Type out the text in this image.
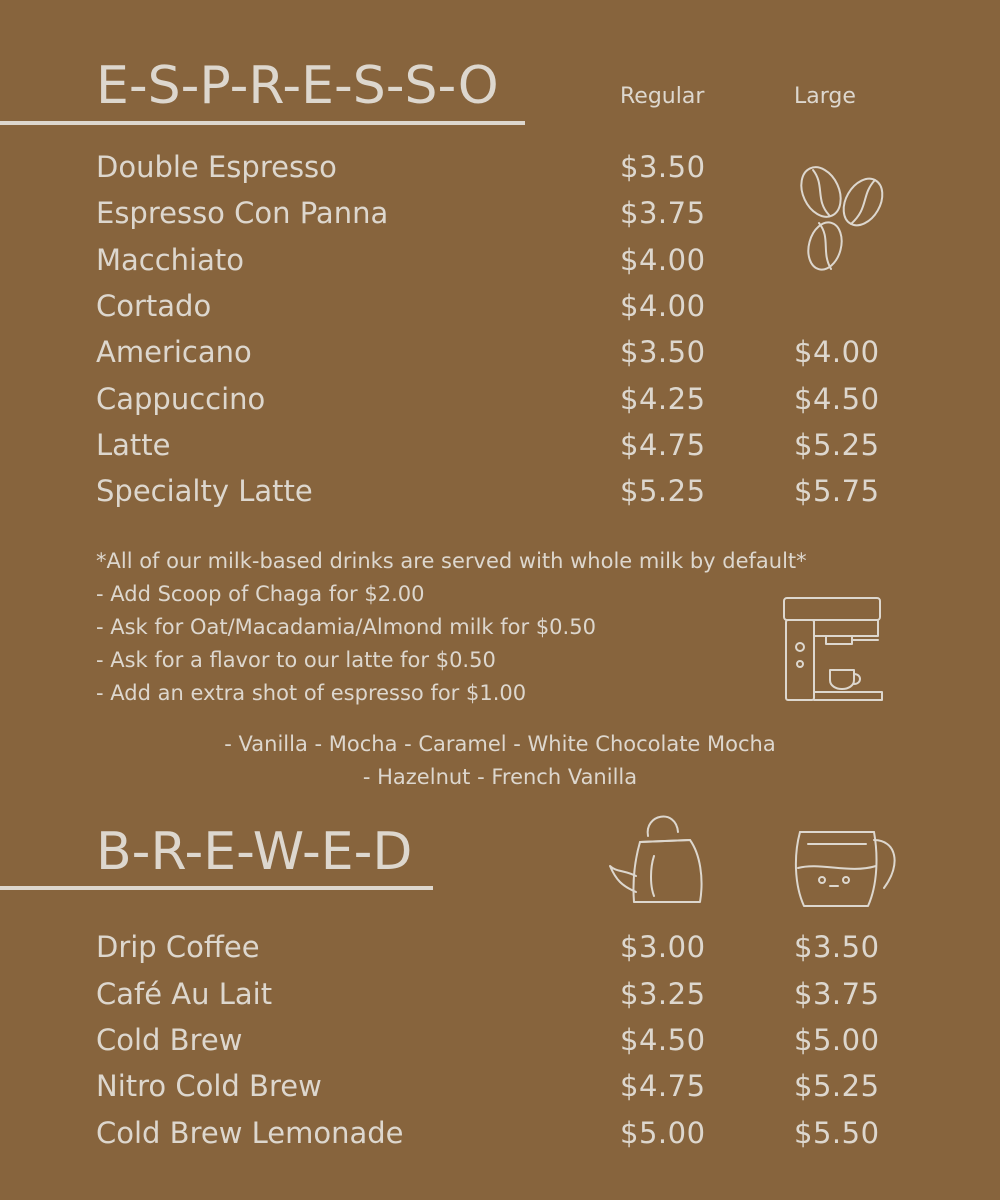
E-S-P-R-E-S-S-O	Regular	Large
Double Espresso	$3.50
Espresso Con Panna	$3.75
Macchiato	$4.00
Cortado	$4.00
Americano	$3.50	$4.00
Cappuccino	$4.25	$4.50
Latte	$4.75	$5.25
Specialty Latte	$5.25	$5.75
*All of our milk-based drinks are served with whole milk by default*
- Add Scoop of Chaga for $2.00
- Ask for Oat/Macadamia/Almond milk for $0.50
- Ask for a flavor to our latte for $0.50
- Add an extra shot of espresso for $1.00
- Vanilla - Mocha - Caramel - White Chocolate Mocha
- Hazelnut - French Vanilla
B-R-E-W-E-D
Drip Coffee	$3.00	$3.50
Café Au Lait	$3.25	$3.75
Cold Brew	$4.50	$5.00
Nitro Cold Brew	$4.75	$5.25
Cold Brew Lemonade	$5.00	$5.50
